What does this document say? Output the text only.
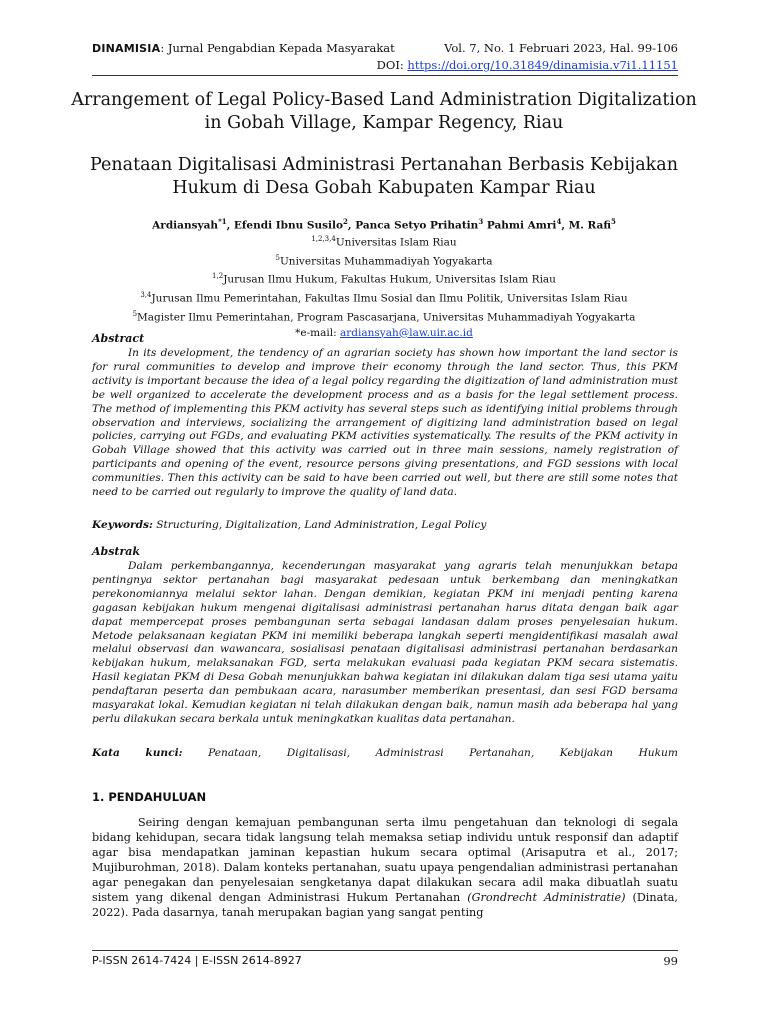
DINAMISIA: Jurnal Pengabdian Kepada Masyarakat	Vol. 7, No. 1 Februari 2023, Hal. 99-106
DOI: https://doi.org/10.31849/dinamisia.v7i1.11151
Arrangement of Legal Policy-Based Land Administration Digitalization
in Gobah Village, Kampar Regency, Riau
Penataan Digitalisasi Administrasi Pertanahan Berbasis Kebijakan
Hukum di Desa Gobah Kabupaten Kampar Riau
Ardiansyah$^{*1}$, Efendi Ibnu Susilo$^2$, Panca Setyo Prihatin$^3$ Pahmi Amri$^4$, M. Rafi$^5$
$^{1,2,3,4}$Universitas Islam Riau
$^5$Universitas Muhammadiyah Yogyakarta
$^{1,2}$Jurusan Ilmu Hukum, Fakultas Hukum, Universitas Islam Riau
$^{3,4}$Jurusan Ilmu Pemerintahan, Fakultas Ilmu Sosial dan Ilmu Politik, Universitas Islam Riau
$^5$Magister Ilmu Pemerintahan, Program Pascasarjana, Universitas Muhammadiyah Yogyakarta
*e-mail: ardiansyah@law.uir.ac.id
Abstract
In its development, the tendency of an agrarian society has shown how important the land sector is for rural communities to develop and improve their economy through the land sector. Thus, this PKM activity is important because the idea of a legal policy regarding the digitization of land administration must be well organized to accelerate the development process and as a basis for the legal settlement process. The method of implementing this PKM activity has several steps such as identifying initial problems through observation and interviews, socializing the arrangement of digitizing land administration based on legal policies, carrying out FGDs, and evaluating PKM activities systematically. The results of the PKM activity in Gobah Village showed that this activity was carried out in three main sessions, namely registration of participants and opening of the event, resource persons giving presentations, and FGD sessions with local communities. Then this activity can be said to have been carried out well, but there are still some notes that need to be carried out regularly to improve the quality of land data.
Keywords: Structuring, Digitalization, Land Administration, Legal Policy
Abstrak
Dalam perkembangannya, kecenderungan masyarakat yang agraris telah menunjukkan betapa pentingnya sektor pertanahan bagi masyarakat pedesaan untuk berkembang dan meningkatkan perekonomiannya melalui sektor lahan. Dengan demikian, kegiatan PKM ini menjadi penting karena gagasan kebijakan hukum mengenai digitalisasi administrasi pertanahan harus ditata dengan baik agar dapat mempercepat proses pembangunan serta sebagai landasan dalam proses penyelesaian hukum. Metode pelaksanaan kegiatan PKM ini memiliki beberapa langkah seperti mengidentifikasi masalah awal melalui observasi dan wawancara, sosialisasi penataan digitalisasi administrasi pertanahan berdasarkan kebijakan hukum, melaksanakan FGD, serta melakukan evaluasi pada kegiatan PKM secara sistematis. Hasil kegiatan PKM di Desa Gobah menunjukkan bahwa kegiatan ini dilakukan dalam tiga sesi utama yaitu pendaftaran peserta dan pembukaan acara, narasumber memberikan presentasi, dan sesi FGD bersama masyarakat lokal. Kemudian kegiatan ni telah dilakukan dengan baik, namun masih ada beberapa hal yang perlu dilakukan secara berkala untuk meningkatkan kualitas data pertanahan.
Kata kunci: Penataan, Digitalisasi, Administrasi Pertanahan, Kebijakan Hukum
1. PENDAHULUAN
Seiring dengan kemajuan pembangunan serta ilmu pengetahuan dan teknologi di segala bidang kehidupan, secara tidak langsung telah memaksa setiap individu untuk responsif dan adaptif agar bisa mendapatkan jaminan kepastian hukum secara optimal (Arisaputra et al., 2017; Mujiburohman, 2018). Dalam konteks pertanahan, suatu upaya pengendalian administrasi pertanahan agar penegakan dan penyelesaian sengketanya dapat dilakukan secara adil maka dibuatlah suatu sistem yang dikenal dengan Administrasi Hukum Pertanahan (Grondrecht Administratie) (Dinata, 2022). Pada dasarnya, tanah merupakan bagian yang sangat penting
P-ISSN 2614-7424 | E-ISSN 2614-8927	99
